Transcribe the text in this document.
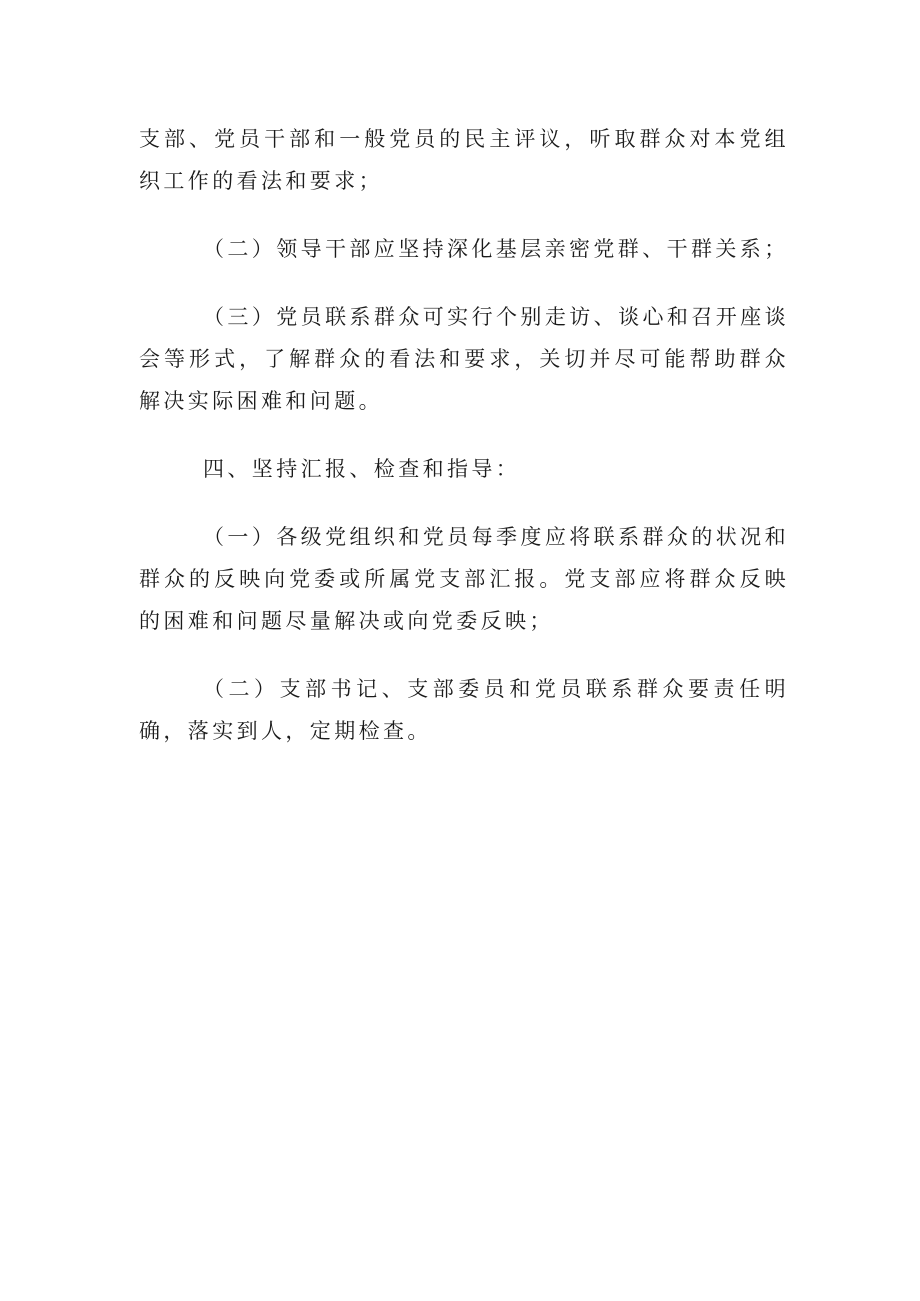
支部、党员干部和一般党员的民主评议，听取群众对本党组织工作的看法和要求；

（二）领导干部应坚持深化基层亲密党群、干群关系；

（三）党员联系群众可实行个别走访、谈心和召开座谈会等形式，了解群众的看法和要求，关切并尽可能帮助群众解决实际困难和问题。

四、坚持汇报、检查和指导：

（一）各级党组织和党员每季度应将联系群众的状况和群众的反映向党委或所属党支部汇报。党支部应将群众反映的困难和问题尽量解决或向党委反映；

（二）支部书记、支部委员和党员联系群众要责任明确，落实到人，定期检查。
